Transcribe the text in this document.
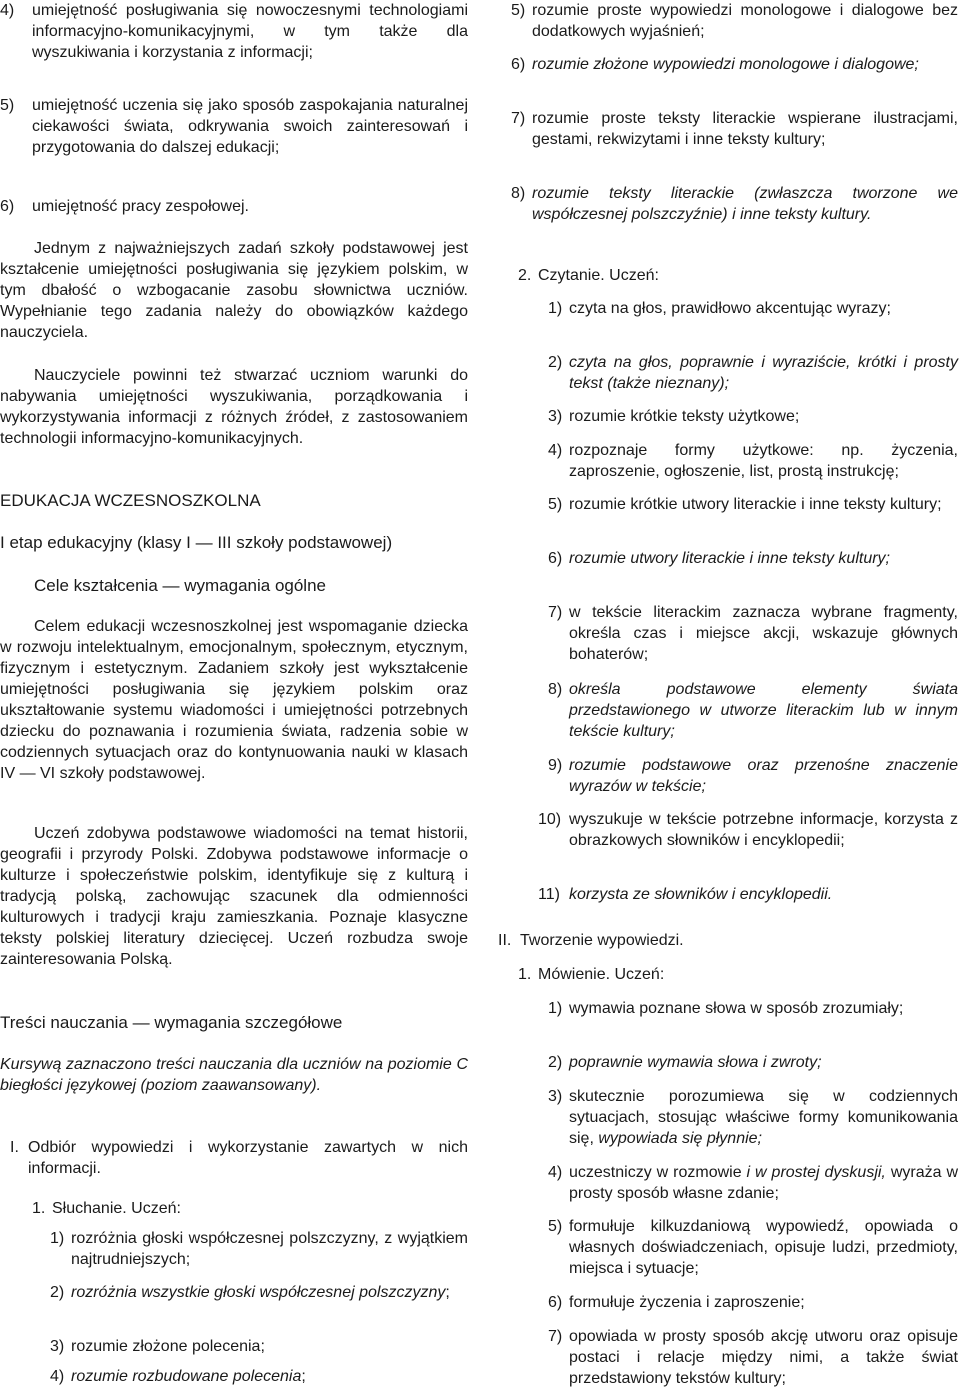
4) umiejętność posługiwania się nowoczesnymi technologiami informacyjno-komunikacyjnymi, w tym także dla wyszukiwania i korzystania z informacji;
5) umiejętność uczenia się jako sposób zaspokajania naturalnej ciekawości świata, odkrywania swoich zainteresowań i przygotowania do dalszej edukacji;
6) umiejętność pracy zespołowej.
Jednym z najważniejszych zadań szkoły podstawowej jest kształcenie umiejętności posługiwania się językiem polskim, w tym dbałość o wzbogacanie zasobu słownictwa uczniów. Wypełnianie tego zadania należy do obowiązków każdego nauczyciela.
Nauczyciele powinni też stwarzać uczniom warunki do nabywania umiejętności wyszukiwania, porządkowania i wykorzystywania informacji z różnych źródeł, z zastosowaniem technologii informacyjno-komunikacyjnych.
EDUKACJA WCZESNOSZKOLNA
I etap edukacyjny (klasy I — III szkoły podstawowej)
Cele kształcenia — wymagania ogólne
Celem edukacji wczesnoszkolnej jest wspomaganie dziecka w rozwoju intelektualnym, emocjonalnym, społecznym, etycznym, fizycznym i estetycznym. Zadaniem szkoły jest wykształcenie umiejętności posługiwania się językiem polskim oraz ukształtowanie systemu wiadomości i umiejętności potrzebnych dziecku do poznawania i rozumienia świata, radzenia sobie w codziennych sytuacjach oraz do kontynuowania nauki w klasach IV — VI szkoły podstawowej.
Uczeń zdobywa podstawowe wiadomości na temat historii, geografii i przyrody Polski. Zdobywa podstawowe informacje o kulturze i społeczeństwie polskim, identyfikuje się z kulturą i tradycją polską, zachowując szacunek dla odmienności kulturowych i tradycji kraju zamieszkania. Poznaje klasyczne teksty polskiej literatury dziecięcej. Uczeń rozbudza swoje zainteresowania Polską.
Treści nauczania — wymagania szczegółowe
Kursywą zaznaczono treści nauczania dla uczniów na poziomie C biegłości językowej (poziom zaawansowany).
I. Odbiór wypowiedzi i wykorzystanie zawartych w nich informacji.
1. Słuchanie. Uczeń:
1) rozróżnia głoski współczesnej polszczyzny, z wyjątkiem najtrudniejszych;
2) rozróżnia wszystkie głoski współczesnej polszczyzny;
3) rozumie złożone polecenia;
4) rozumie rozbudowane polecenia;
5) rozumie proste wypowiedzi monologowe i dialogowe bez dodatkowych wyjaśnień;
6) rozumie złożone wypowiedzi monologowe i dialogowe;
7) rozumie proste teksty literackie wspierane ilustracjami, gestami, rekwizytami i inne teksty kultury;
8) rozumie teksty literackie (zwłaszcza tworzone we współczesnej polszczyźnie) i inne teksty kultury.
2. Czytanie. Uczeń:
1) czyta na głos, prawidłowo akcentując wyrazy;
2) czyta na głos, poprawnie i wyraziście, krótki i prosty tekst (także nieznany);
3) rozumie krótkie teksty użytkowe;
4) rozpoznaje formy użytkowe: np. życzenia, zaproszenie, ogłoszenie, list, prostą instrukcję;
5) rozumie krótkie utwory literackie i inne teksty kultury;
6) rozumie utwory literackie i inne teksty kultury;
7) w tekście literackim zaznacza wybrane fragmenty, określa czas i miejsce akcji, wskazuje głównych bohaterów;
8) określa podstawowe elementy świata przedstawionego w utworze literackim lub w innym tekście kultury;
9) rozumie podstawowe oraz przenośne znaczenie wyrazów w tekście;
10) wyszukuje w tekście potrzebne informacje, korzysta z obrazkowych słowników i encyklopedii;
11) korzysta ze słowników i encyklopedii.
II. Tworzenie wypowiedzi.
1. Mówienie. Uczeń:
1) wymawia poznane słowa w sposób zrozumiały;
2) poprawnie wymawia słowa i zwroty;
3) skutecznie porozumiewa się w codziennych sytuacjach, stosując właściwe formy komunikowania się, wypowiada się płynnie;
4) uczestniczy w rozmowie i w prostej dyskusji, wyraża w prosty sposób własne zdanie;
5) formułuje kilkuzdaniową wypowiedź, opowiada o własnych doświadczeniach, opisuje ludzi, przedmioty, miejsca i sytuacje;
6) formułuje życzenia i zaproszenie;
7) opowiada w prosty sposób akcję utworu oraz opisuje postaci i relacje między nimi, a także świat przedstawiony tekstów kultury;
